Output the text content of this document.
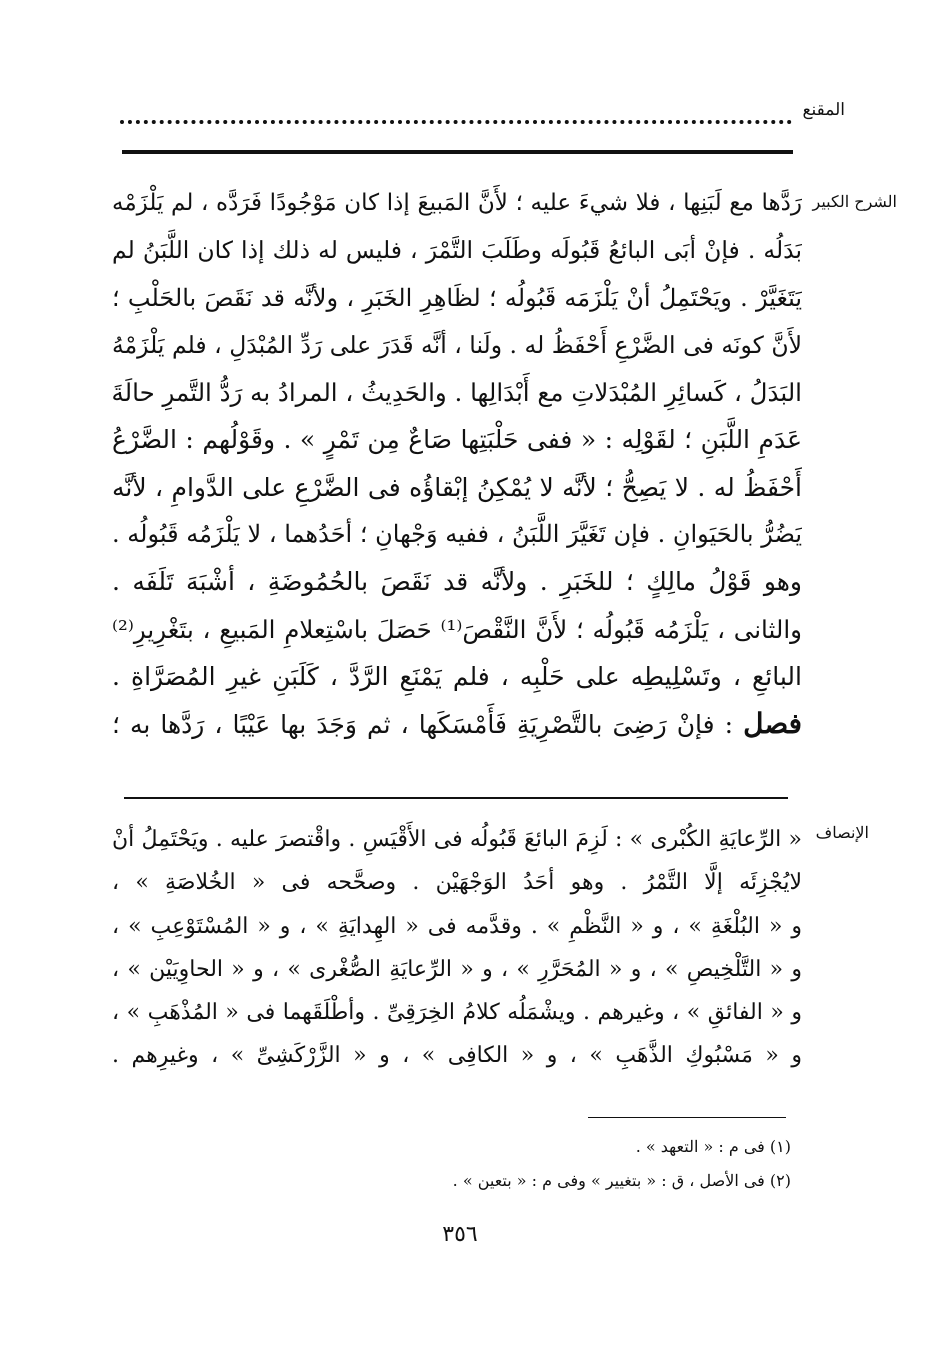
المقنع
الشرح الكبير
رَدَّها مع لَبَنِها ، فلا شيءَ عليه ؛ لأَنَّ المَبيعَ إذا كان مَوْجُودًا فَرَدَّه ، لم يَلْزَمْه
بَدَلُه . فإنْ أبَى البائعُ قَبُولَه وطَلَبَ التَّمْرَ ، فليس له ذلك إذا كان اللَّبَنُ لم
يَتَغَيَّرْ . ويَحْتَمِلُ أنْ يَلْزَمَه قَبُولُه ؛ لظَاهِرِ الخَبَرِ ، ولأنَّه قد نَقَصَ بالحَلْبِ ؛
لأَنَّ كونَه فى الضَّرْعِ أَحْفَظُ له . ولَنا ، أنَّه قَدَرَ على رَدِّ المُبْدَلِ ، فلم يَلْزَمْهُ
البَدَلُ ، كَسائِرِ المُبْدَلاتِ مع أَبْدَالِها . والحَدِيثُ ، المرادُ به رَدُّ التَّمرِ حالَةَ
عَدَمِ اللَّبَنِ ؛ لقَوْلِه : « ففى حَلْبَتِها صَاعٌ مِن تَمْرٍ » . وقَوْلُهم : الضَّرْعُ
أَحْفَظُ له . لا يَصِحُّ ؛ لأنَّه لا يُمْكِنُ إبْقاؤُه فى الضَّرْعِ على الدَّوامِ ، لأنَّه
يَضُرُّ بالحَيَوانِ . فإن تَغَيَّرَ اللَّبَنُ ، ففيه وَجْهانِ ؛ أحَدُهما ، لا يَلْزَمُه قَبُولُه .
وهو قَوْلُ مالِكٍ ؛ للخَبَرِ . ولأنَّه قد نَقَصَ بالحُمُوضَةِ ، أشْبَهَ تَلَفَه .
والثانى ، يَلْزَمُه قَبُولُه ؛ لأَنَّ النَّقْصَ⁽¹⁾ حَصَلَ باسْتِعلامِ المَبيعِ ، بتَغْرِيرِ⁽²⁾
البائعِ ، وتَسْلِيطِه على حَلْبِه ، فلم يَمْنَعِ الرَّدَّ ، كَلَبَنِ غيرِ المُصَرَّاةِ .
فصل : فإنْ رَضِىَ بالتَّصْرِيَةِ فَأَمْسَكَها ، ثم وَجَدَ بها عَيْبًا ، رَدَّها به ؛
الإنصاف
« الرِّعايَةِ الكُبْرى » : لَزِمَ البائعَ قَبُولُه فى الأَقْيَسِ . واقْتصرَ عليه . ويَحْتَمِلُ أنْ
لايُجْزِئَه إلَّا التَّمْرُ . وهو أحَدُ الوَجْهَيْن . وصحَّحه فى « الخُلاصَةِ » ،
و « البُلْغَةِ » ، و « النَّظْمِ » . وقدَّمه فى « الهِدايَةِ » ، و « المُسْتَوْعِبِ » ،
و « التَّلْخِيصِ » ، و « المُحَرَّرِ » ، و « الرِّعايَةِ الصُّغْرى » ، و « الحاوِيَيْن » ،
و « الفائقِ » ، وغيرهم . ويشْمَلُه كلامُ الخِرَقِىِّ . وأطْلَقَهما فى « المُذْهَبِ » ،
و « مَسْبُوكِ الذَّهَبِ » ، و « الكافِى » ، و « الزَّرْكَشِىِّ » ، وغيرِهم .
(١) فى م : « التعهد » .
(٢) فى الأصل ، ق : « بتغيير » وفى م : « بتعين » .
٣٥٦
